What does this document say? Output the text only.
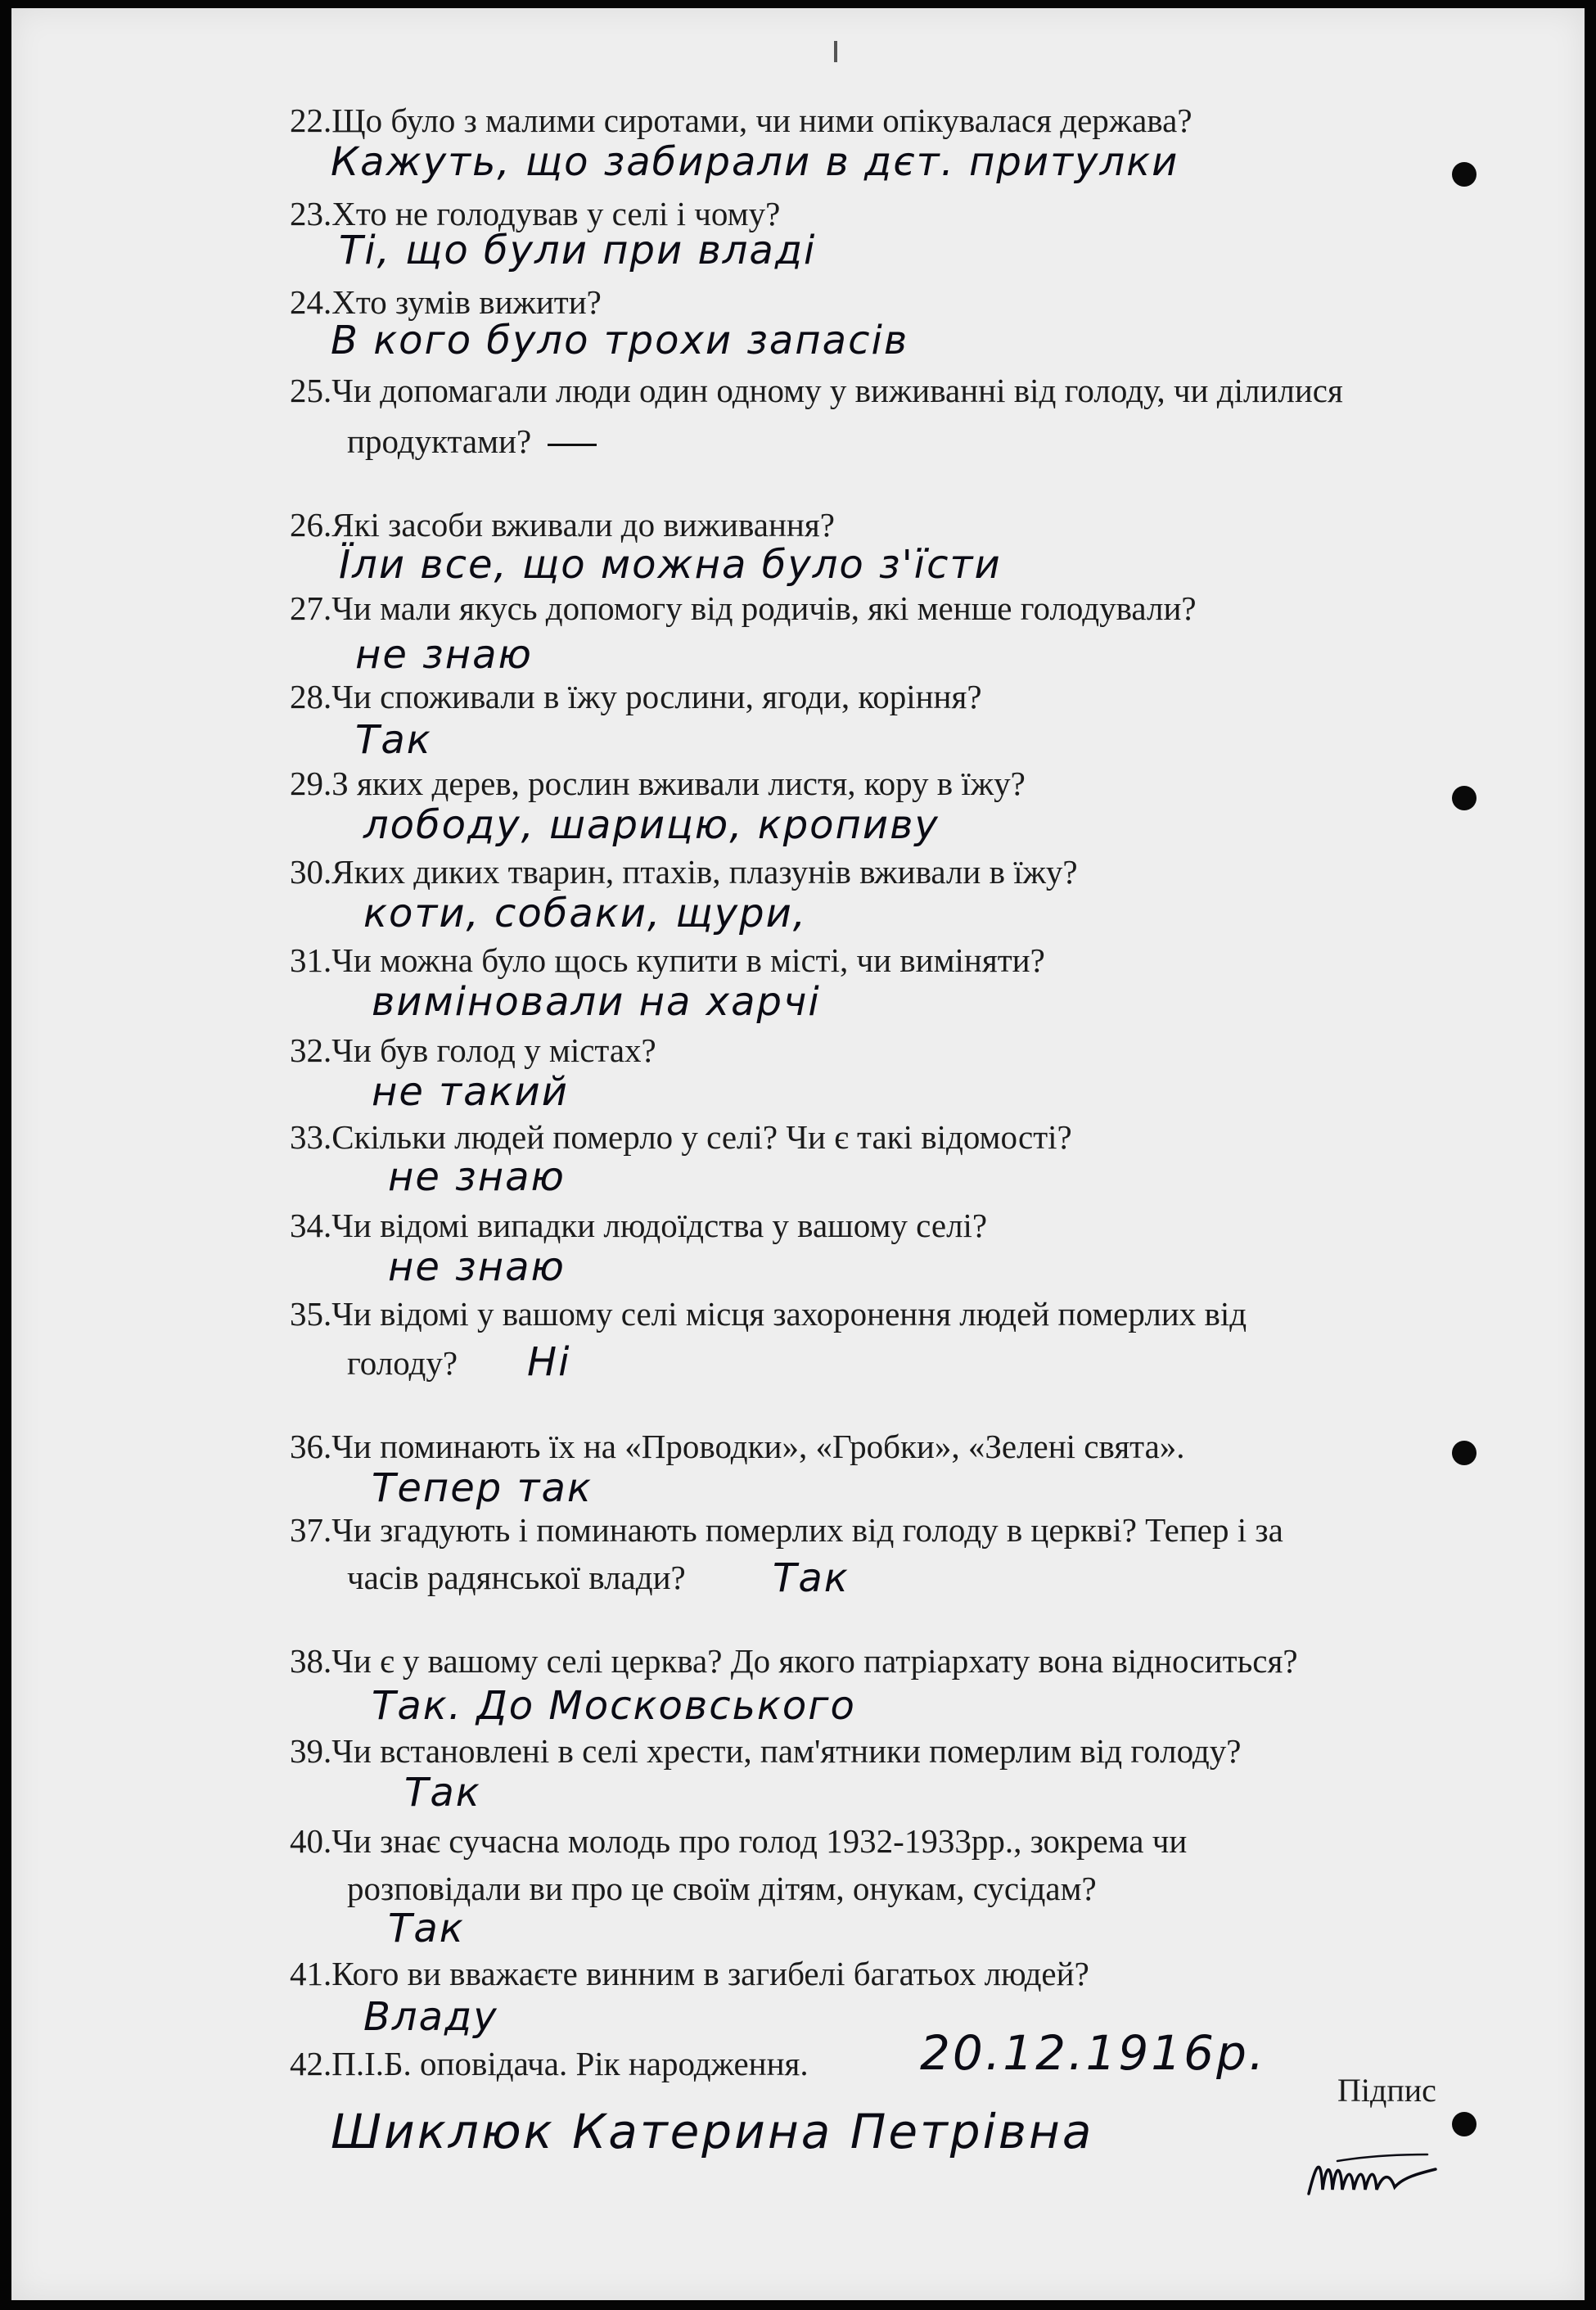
22.Що було з малими сиротами, чи ними опікувалася держава?
Кажуть, що забирали в дєт. притулки
23.Хто не голодував у селі і чому?
Ті, що були при владі
24.Хто зумів вижити?
В кого було трохи запасів
25.Чи допомагали люди один одному у виживанні від голоду, чи ділилися
продуктами?
26.Які засоби вживали до виживання?
Їли все, що можна було з'їсти
27.Чи мали якусь допомогу від родичів, які менше голодували?
не знаю
28.Чи споживали в їжу рослини, ягоди, коріння?
Так
29.З яких дерев, рослин вживали листя, кору в їжу?
лободу, шарицю, кропиву
30.Яких диких тварин, птахів, плазунів вживали в їжу?
коти, собаки, щури,
31.Чи можна було щось купити в місті, чи виміняти?
виміновали на харчі
32.Чи був голод у містах?
не такий
33.Скільки людей померло у селі? Чи є такі відомості?
не знаю
34.Чи відомі випадки людоїдства у вашому селі?
не знаю
35.Чи відомі у вашому селі місця захоронення людей померлих від
голоду? Ні
36.Чи поминають їх на «Проводки», «Гробки», «Зелені свята».
Тепер так
37.Чи згадують і поминають померлих від голоду в церкві? Тепер і за
часів радянської влади? Так
38.Чи є у вашому селі церква? До якого патріархату вона відноситься?
Так. До Московського
39.Чи встановлені в селі хрести, пам'ятники померлим від голоду?
Так
40.Чи знає сучасна молодь про голод 1932-1933рр., зокрема чи
розповідали ви про це своїм дітям, онукам, сусідам?
Так
41.Кого ви вважаєте винним в загибелі багатьох людей?
Владу
42.П.І.Б. оповідача. Рік народження.	20.12.1916р.
Шиклюк Катерина Петрівна
Підпис
